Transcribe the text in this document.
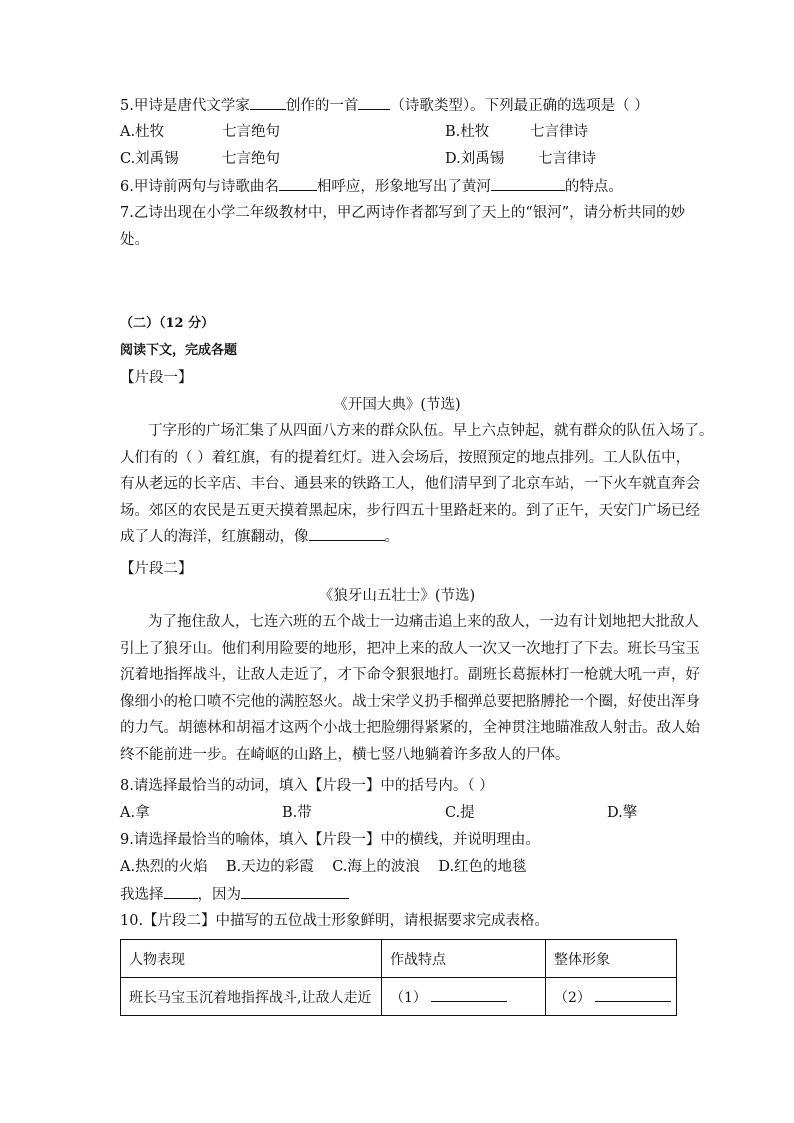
5.甲诗是唐代文学家 创作的一首 （诗歌类型）。下列最正确的选项是（ ）
A.杜牧	七言绝句	B.杜牧	七言律诗
C.刘禹锡	七言绝句	D.刘禹锡 七言律诗
6.甲诗前两句与诗歌曲名	相呼应，形象地写出了黄河	的特点。
7.乙诗出现在小学二年级教材中，甲乙两诗作者都写到了天上的“银河”，请分析共同的妙
处。
（二）（12 分）
阅读下文，完成各题
【片段一】
《开国大典》(节选)
丁字形的广场汇集了从四面八方来的群众队伍。早上六点钟起，就有群众的队伍入场了。
人们有的（ ）着红旗，有的提着红灯。进入会场后，按照预定的地点排列。工人队伍中，
有从老远的长辛店、丰台、通县来的铁路工人，他们清早到了北京车站，一下火车就直奔会
场。郊区的农民是五更天摸着黑起床，步行四五十里路赶来的。到了正午，天安门广场已经
成了人的海洋，红旗翻动，像	。
【片段二】
《狼牙山五壮士》(节选)
为了拖住敌人，七连六班的五个战士一边痛击追上来的敌人，一边有计划地把大批敌人
引上了狼牙山。他们利用险要的地形，把冲上来的敌人一次又一次地打了下去。班长马宝玉
沉着地指挥战斗，让敌人走近了，才下命令狠狠地打。副班长葛振林打一枪就大吼一声，好
像细小的枪口喷不完他的满腔怒火。战士宋学义扔手榴弹总要把胳膊抡一个圈，好使出浑身
的力气。胡德林和胡福才这两个小战士把脸绷得紧紧的，全神贯注地瞄准敌人射击。敌人始
终不能前进一步。在崎岖的山路上，横七竖八地躺着许多敌人的尸体。
8.请选择最恰当的动词，填入【片段一】中的括号内。（ ）
A.拿	B.带	C.提	D.擎
9.请选择最恰当的喻体，填入【片段一】中的横线，并说明理由。
A.热烈的火焰    B.天边的彩霞    C.海上的波浪    D.红色的地毯
我选择 ，因为
10.【片段二】中描写的五位战士形象鲜明，请根据要求完成表格。
人物表现	作战特点	整体形象
班长马宝玉沉着地指挥战斗,让敌人走近	（1）	（2）
